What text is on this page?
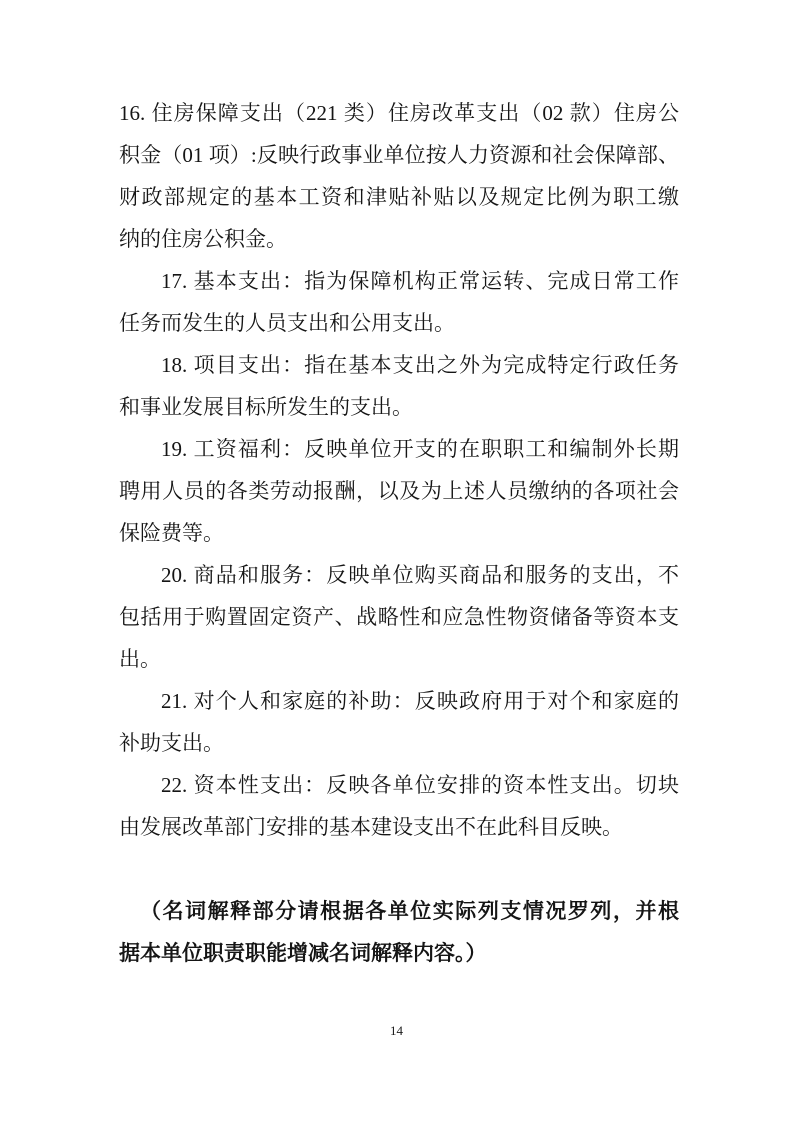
16. 住房保障支出（221 类）住房改革支出（02 款）住房公
积金（01 项）:反映行政事业单位按人力资源和社会保障部、
财政部规定的基本工资和津贴补贴以及规定比例为职工缴
纳的住房公积金。
17. 基本支出：指为保障机构正常运转、完成日常工作
任务而发生的人员支出和公用支出。
18. 项目支出：指在基本支出之外为完成特定行政任务
和事业发展目标所发生的支出。
19. 工资福利：反映单位开支的在职职工和编制外长期
聘用人员的各类劳动报酬，以及为上述人员缴纳的各项社会
保险费等。
20. 商品和服务：反映单位购买商品和服务的支出，不
包括用于购置固定资产、战略性和应急性物资储备等资本支
出。
21. 对个人和家庭的补助：反映政府用于对个和家庭的
补助支出。
22. 资本性支出：反映各单位安排的资本性支出。切块
由发展改革部门安排的基本建设支出不在此科目反映。
（名词解释部分请根据各单位实际列支情况罗列，并根
据本单位职责职能增减名词解释内容。）
14
